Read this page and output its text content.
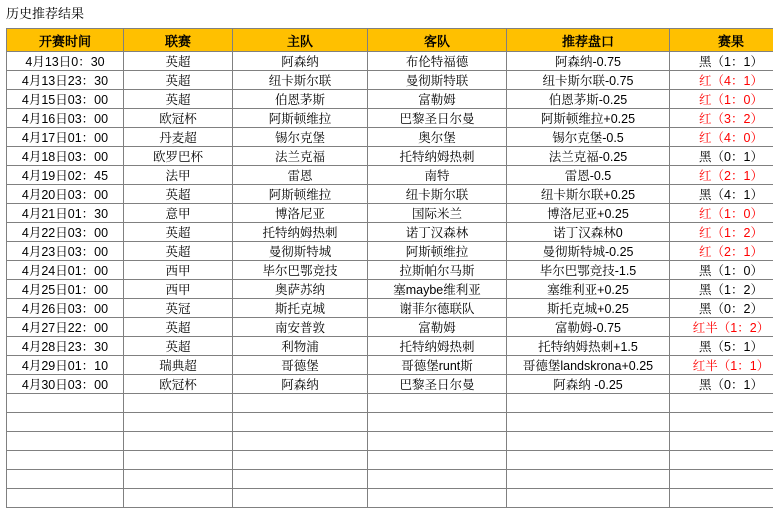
历史推荐结果
开赛时间	联赛	主队	客队	推荐盘口	赛果
4月13日0：30	英超	阿森纳	布伦特福德	阿森纳-0.75	黑（1：1）
4月13日23：30	英超	纽卡斯尔联	曼彻斯特联	纽卡斯尔联-0.75	红（4：1）
4月15日03：00	英超	伯恩茅斯	富勒姆	伯恩茅斯-0.25	红（1：0）
4月16日03：00	欧冠杯	阿斯顿维拉	巴黎圣日尔曼	阿斯顿维拉+0.25	红（3：2）
4月17日01：00	丹麦超	锡尔克堡	奥尔堡	锡尔克堡-0.5	红（4：0）
4月18日03：00	欧罗巴杯	法兰克福	托特纳姆热刺	法兰克福-0.25	黑（0：1）
4月19日02：45	法甲	雷恩	南特	雷恩-0.5	红（2：1）
4月20日03：00	英超	阿斯顿维拉	纽卡斯尔联	纽卡斯尔联+0.25	黑（4：1）
4月21日01：30	意甲	博洛尼亚	国际米兰	博洛尼亚+0.25	红（1：0）
4月22日03：00	英超	托特纳姆热刺	诺丁汉森林	诺丁汉森林0	红（1：2）
4月23日03：00	英超	曼彻斯特城	阿斯顿维拉	曼彻斯特城-0.25	红（2：1）
4月24日01：00	西甲	毕尔巴鄂竞技	拉斯帕尔马斯	毕尔巴鄂竞技-1.5	黑（1：0）
4月25日01：00	西甲	奥萨苏纳	塞maybe维利亚	塞维利亚+0.25	黑（1：2）
4月26日03：00	英冠	斯托克城	谢菲尔德联队	斯托克城+0.25	黑（0：2）
4月27日22：00	英超	南安普敦	富勒姆	富勒姆-0.75	红半（1：2）
4月28日23：30	英超	利物浦	托特纳姆热刺	托特纳姆热刺+1.5	黑（5：1）
4月29日01：10	瑞典超	哥德堡	哥德堡runt斯	哥德堡landskrona+0.25	红半（1：1）
4月30日03：00	欧冠杯	阿森纳	巴黎圣日尔曼	阿森纳 -0.25	黑（0：1）
